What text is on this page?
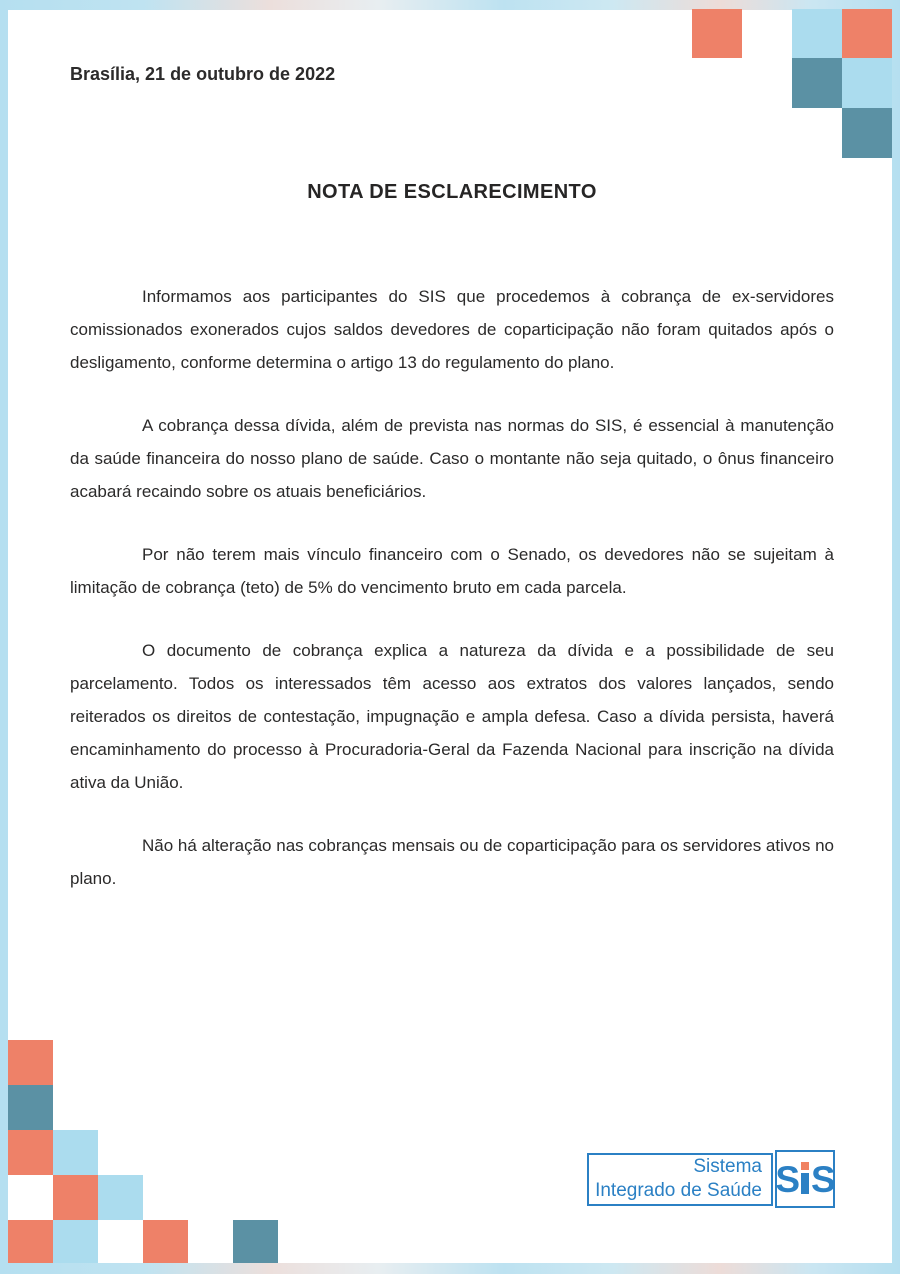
Brasília, 21 de outubro de 2022
NOTA DE ESCLARECIMENTO

Informamos aos participantes do SIS que procedemos à cobrança de ex-servidores comissionados exonerados cujos saldos devedores de coparticipação não foram quitados após o desligamento, conforme determina o artigo 13 do regulamento do plano.

A cobrança dessa dívida, além de prevista nas normas do SIS, é essencial à manutenção da saúde financeira do nosso plano de saúde. Caso o montante não seja quitado, o ônus financeiro acabará recaindo sobre os atuais beneficiários.

Por não terem mais vínculo financeiro com o Senado, os devedores não se sujeitam à limitação de cobrança (teto) de 5% do vencimento bruto em cada parcela.

O documento de cobrança explica a natureza da dívida e a possibilidade de seu parcelamento. Todos os interessados têm acesso aos extratos dos valores lançados, sendo reiterados os direitos de contestação, impugnação e ampla defesa. Caso a dívida persista, haverá encaminhamento do processo à Procuradoria-Geral da Fazenda Nacional para inscrição na dívida ativa da União.

Não há alteração nas cobranças mensais ou de coparticipação para os servidores ativos no plano.

Sistema
Integrado de Saúde S S
